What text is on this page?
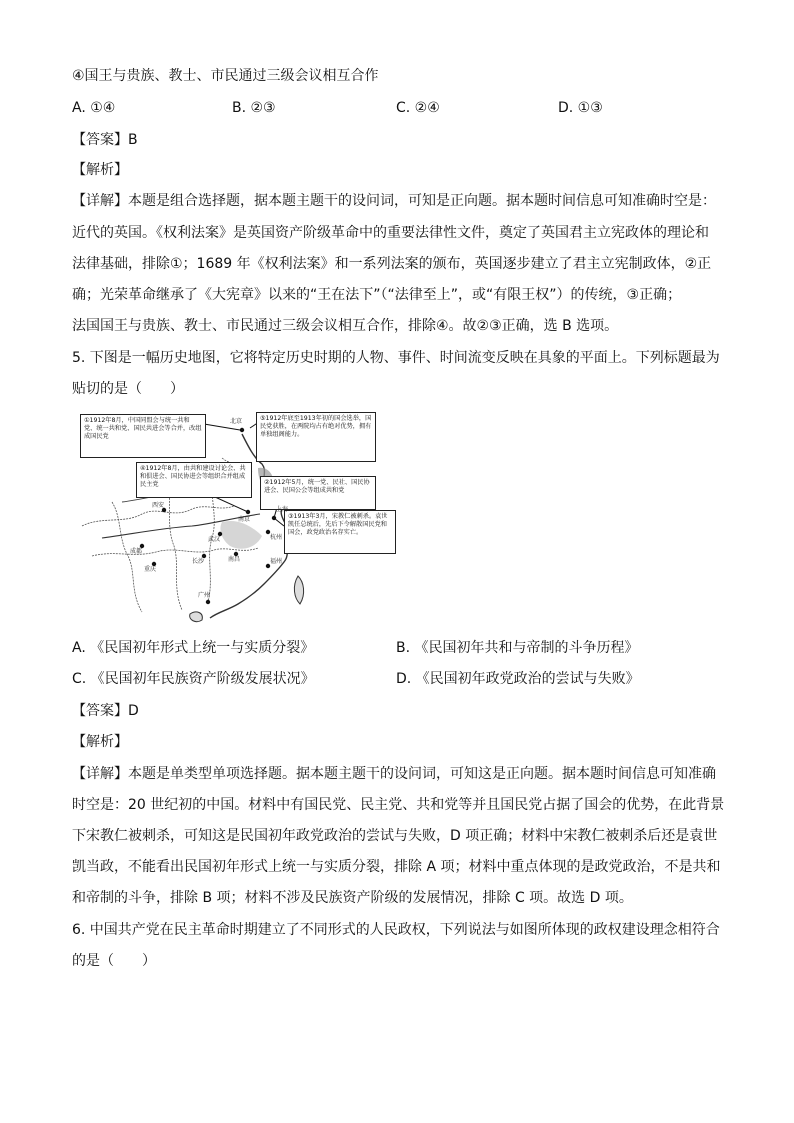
④国王与贵族、教士、市民通过三级会议相互合作
A. ①④	B. ②③	C. ②④	D. ①③
【答案】B
【解析】
【详解】本题是组合选择题，据本题主题干的设问词，可知是正向题。据本题时间信息可知准确时空是：
近代的英国。《权利法案》是英国资产阶级革命中的重要法律性文件，奠定了英国君主立宪政体的理论和
法律基础，排除①；1689 年《权利法案》和一系列法案的颁布，英国逐步建立了君主立宪制政体，②正
确；光荣革命继承了《大宪章》以来的“王在法下”（“法律至上”，或“有限王权”）的传统，③正确；
法国国王与贵族、教士、市民通过三级会议相互合作，排除④。故②③正确，选 B 选项。
5. 下图是一幅历史地图，它将特定历史时期的人物、事件、时间流变反映在具象的平面上。下列标题最为
贴切的是（　　）
①1912年8月，中国同盟会与统一共和党、统一共和党、国民共进会等合并，改组成国民党
④1912年8月，由共和建设讨论会、共和俱进会、国民协进会等组织合并组成民主党	②1912年5月，统一党、民社、国民协进会、民国公会等组成共和党
③1913年3月，宋教仁被刺杀。袁世凯任总统后，先后下令解散国民党和国会，政党政治名存实亡。
⑤1912年底至1913年初的国会选举，国民党获胜，在两院均占有绝对优势，拥有单独组阁能力。
北京
南京
上海
武汉
长沙
广州
西安
杭州
福州
南昌
成都
重庆
A. 《民国初年形式上统一与实质分裂》	B. 《民国初年共和与帝制的斗争历程》
C. 《民国初年民族资产阶级发展状况》	D. 《民国初年政党政治的尝试与失败》
【答案】D
【解析】
【详解】本题是单类型单项选择题。据本题主题干的设问词，可知这是正向题。据本题时间信息可知准确
时空是：20 世纪初的中国。材料中有国民党、民主党、共和党等并且国民党占据了国会的优势，在此背景
下宋教仁被刺杀，可知这是民国初年政党政治的尝试与失败，D 项正确；材料中宋教仁被刺杀后还是袁世
凯当政，不能看出民国初年形式上统一与实质分裂，排除 A 项；材料中重点体现的是政党政治，不是共和
和帝制的斗争，排除 B 项；材料不涉及民族资产阶级的发展情况，排除 C 项。故选 D 项。
6. 中国共产党在民主革命时期建立了不同形式的人民政权，下列说法与如图所体现的政权建设理念相符合
的是（　　）
